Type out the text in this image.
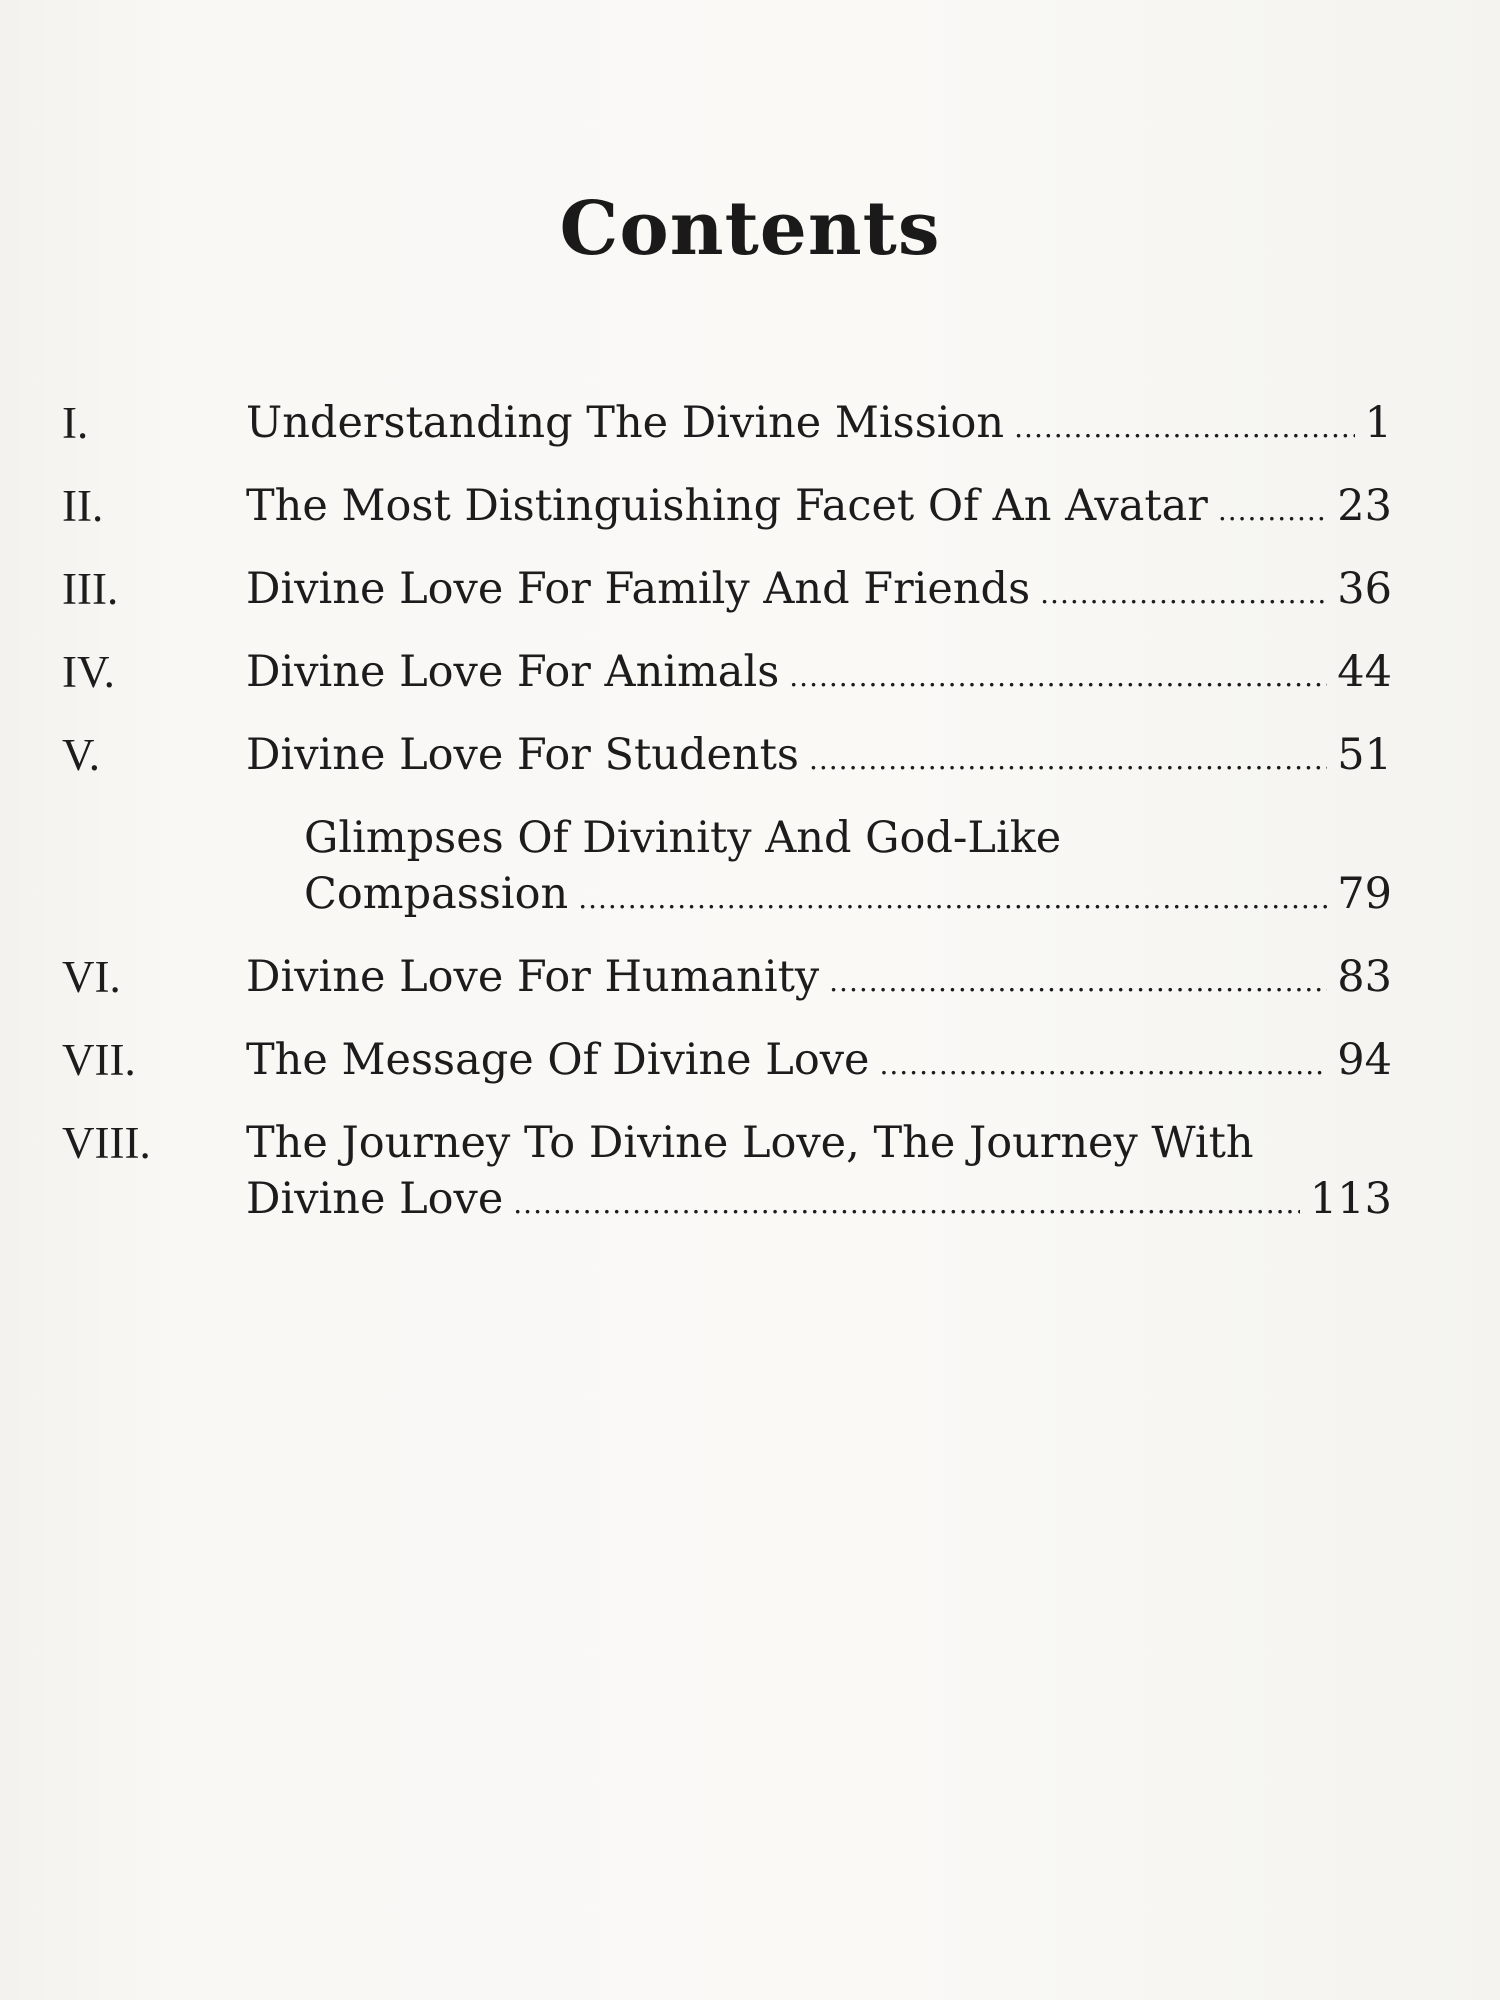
Contents
I.	Understanding The Divine Mission .....	1
II.	The Most Distinguishing Facet Of An Avatar .....	23
III.	Divine Love For Family And Friends .....	36
IV.	Divine Love For Animals .....	44
V.	Divine Love For Students .....	51
Glimpses Of Divinity And God-Like
Compassion .....	79
VI.	Divine Love For Humanity .....	83
VII.	The Message Of Divine Love .....	94
VIII.	The Journey To Divine Love, The Journey With
Divine Love .....	113
